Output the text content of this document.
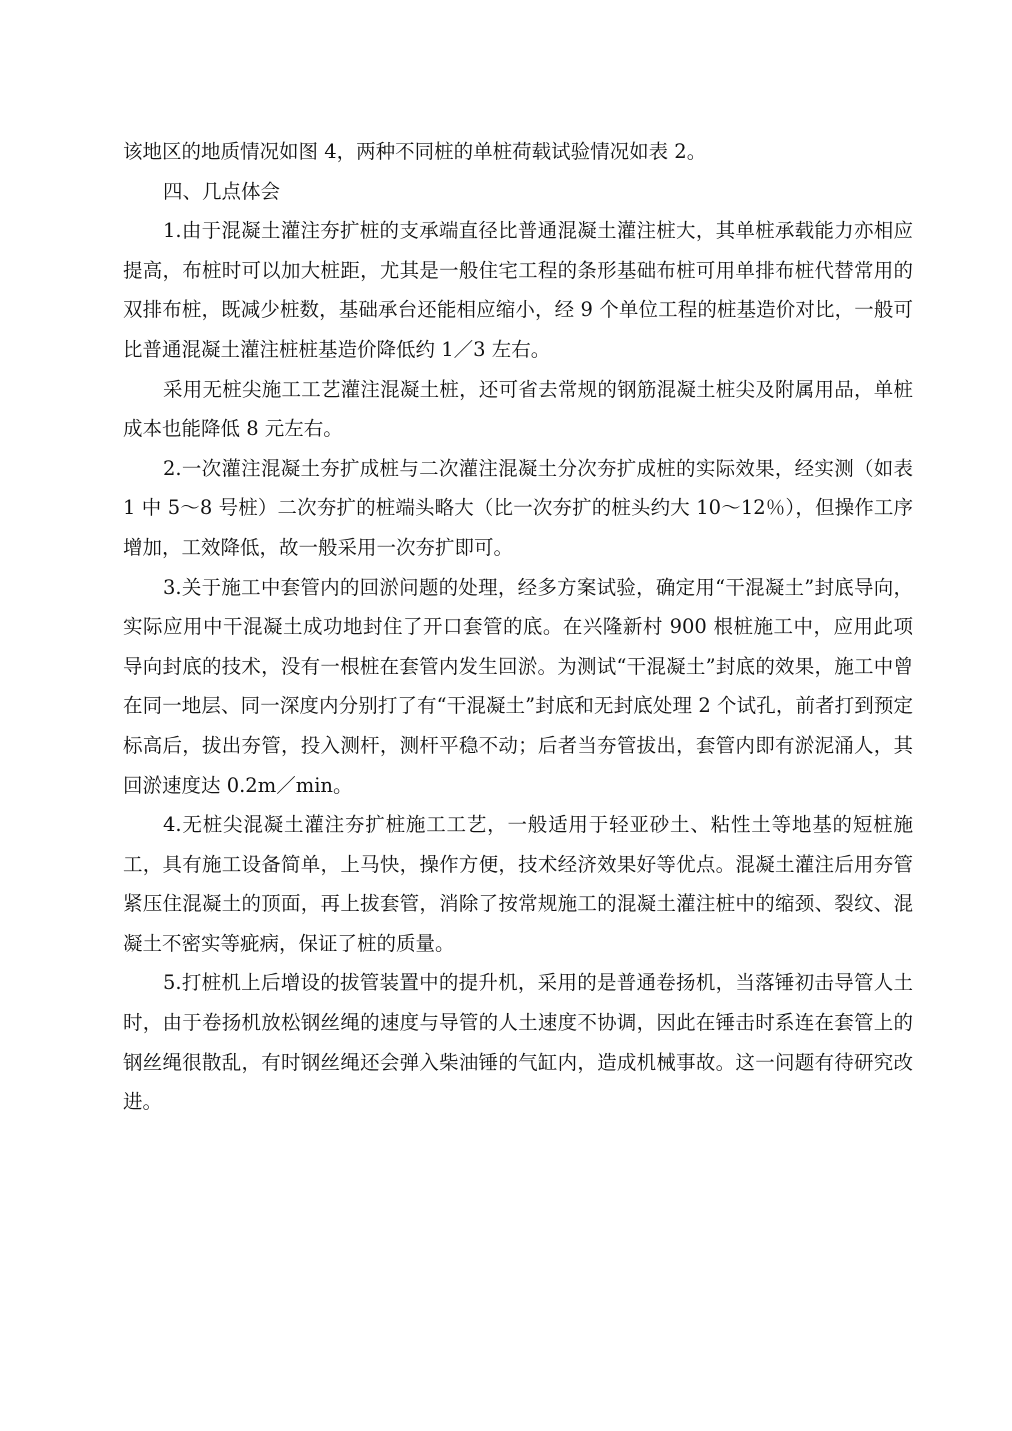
该地区的地质情况如图 4，两种不同桩的单桩荷载试验情况如表 2。

四、几点体会

1.由于混凝土灌注夯扩桩的支承端直径比普通混凝土灌注桩大，其单桩承载能力亦相应提高，布桩时可以加大桩距，尤其是一般住宅工程的条形基础布桩可用单排布桩代替常用的双排布桩，既减少桩数，基础承台还能相应缩小，经 9 个单位工程的桩基造价对比，一般可比普通混凝土灌注桩桩基造价降低约 1／3 左右。

采用无桩尖施工工艺灌注混凝土桩，还可省去常规的钢筋混凝土桩尖及附属用品，单桩成本也能降低 8 元左右。

2.一次灌注混凝土夯扩成桩与二次灌注混凝土分次夯扩成桩的实际效果，经实测（如表 1 中 5～8 号桩）二次夯扩的桩端头略大（比一次夯扩的桩头约大 10～12％），但操作工序增加，工效降低，故一般采用一次夯扩即可。

3.关于施工中套管内的回淤问题的处理，经多方案试验，确定用“干混凝土”封底导向，实际应用中干混凝土成功地封住了开口套管的底。在兴隆新村 900 根桩施工中，应用此项导向封底的技术，没有一根桩在套管内发生回淤。为测试“干混凝土”封底的效果，施工中曾在同一地层、同一深度内分别打了有“干混凝土”封底和无封底处理 2 个试孔，前者打到预定标高后，拔出夯管，投入测杆，测杆平稳不动；后者当夯管拔出，套管内即有淤泥涌人，其回淤速度达 0.2m／min。

4.无桩尖混凝土灌注夯扩桩施工工艺，一般适用于轻亚砂土、粘性土等地基的短桩施工，具有施工设备简单，上马快，操作方便，技术经济效果好等优点。混凝土灌注后用夯管紧压住混凝土的顶面，再上拔套管，消除了按常规施工的混凝土灌注桩中的缩颈、裂纹、混凝土不密实等疵病，保证了桩的质量。

5.打桩机上后增设的拔管装置中的提升机，采用的是普通卷扬机，当落锤初击导管人土时，由于卷扬机放松钢丝绳的速度与导管的人土速度不协调，因此在锤击时系连在套管上的钢丝绳很散乱，有时钢丝绳还会弹入柴油锤的气缸内，造成机械事故。这一问题有待研究改进。
